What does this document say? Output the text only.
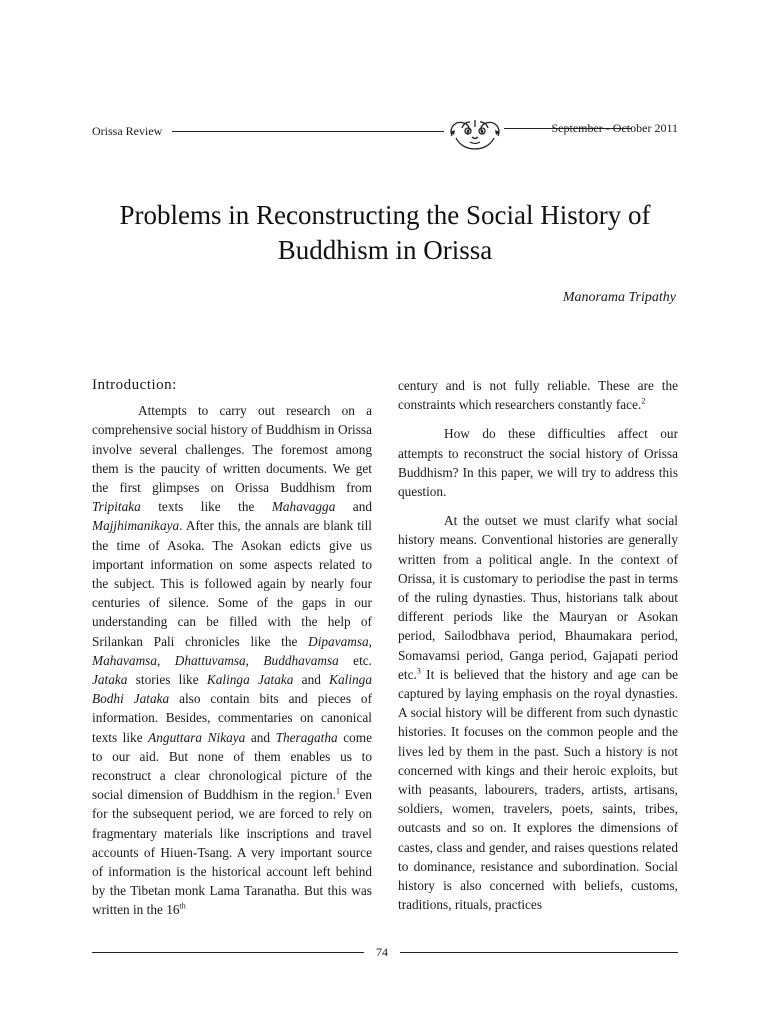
Orissa Review	September - October 2011
Problems in Reconstructing the Social History of Buddhism in Orissa
Manorama Tripathy
Introduction:

Attempts to carry out research on a comprehensive social history of Buddhism in Orissa involve several challenges. The foremost among them is the paucity of written documents. We get the first glimpses on Orissa Buddhism from Tripitaka texts like the Mahavagga and Majjhimanikaya. After this, the annals are blank till the time of Asoka. The Asokan edicts give us important information on some aspects related to the subject. This is followed again by nearly four centuries of silence. Some of the gaps in our understanding can be filled with the help of Srilankan Pali chronicles like the Dipavamsa, Mahavamsa, Dhattuvamsa, Buddhavamsa etc. Jataka stories like Kalinga Jataka and Kalinga Bodhi Jataka also contain bits and pieces of information. Besides, commentaries on canonical texts like Anguttara Nikaya and Theragatha come to our aid. But none of them enables us to reconstruct a clear chronological picture of the social dimension of Buddhism in the region.$^1$ Even for the subsequent period, we are forced to rely on fragmentary materials like inscriptions and travel accounts of Hiuen-Tsang. A very important source of information is the historical account left behind by the Tibetan monk Lama Taranatha. But this was written in the 16th

century and is not fully reliable. These are the constraints which researchers constantly face.$^2$

How do these difficulties affect our attempts to reconstruct the social history of Orissa Buddhism? In this paper, we will try to address this question.

At the outset we must clarify what social history means. Conventional histories are generally written from a political angle. In the context of Orissa, it is customary to periodise the past in terms of the ruling dynasties. Thus, historians talk about different periods like the Mauryan or Asokan period, Sailodbhava period, Bhaumakara period, Somavamsi period, Ganga period, Gajapati period etc.$^3$ It is believed that the history and age can be captured by laying emphasis on the royal dynasties. A social history will be different from such dynastic histories. It focuses on the common people and the lives led by them in the past. Such a history is not concerned with kings and their heroic exploits, but with peasants, labourers, traders, artists, artisans, soldiers, women, travelers, poets, saints, tribes, outcasts and so on. It explores the dimensions of castes, class and gender, and raises questions related to dominance, resistance and subordination. Social history is also concerned with beliefs, customs, traditions, rituals, practices

74
